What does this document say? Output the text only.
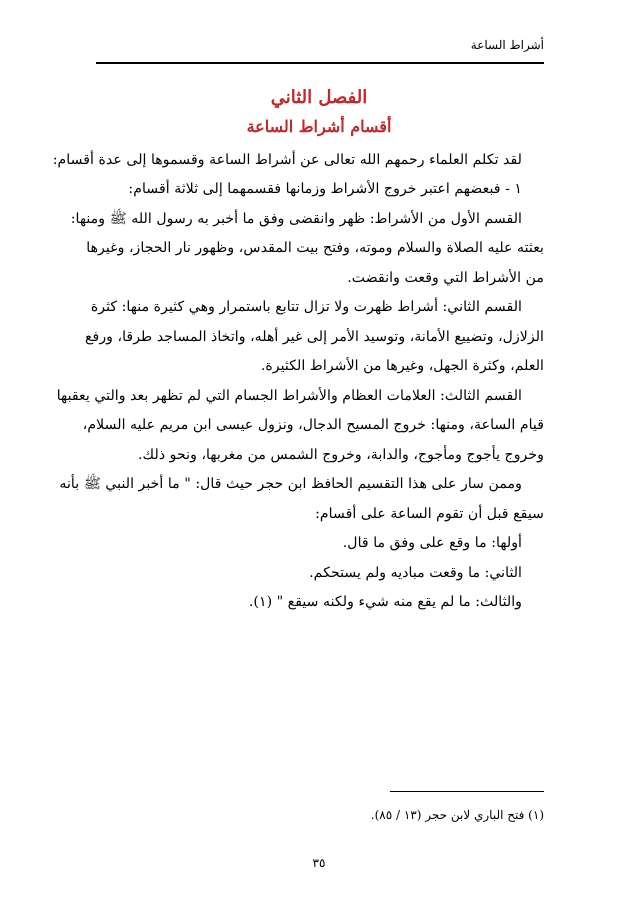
أشراط الساعة
الفصل الثاني
أقسام أشراط الساعة
لقد تكلم العلماء رحمهم الله تعالى عن أشراط الساعة وقسموها إلى عدة أقسام:
١ - فبعضهم اعتبر خروج الأشراط وزمانها فقسمهما إلى ثلاثة أقسام:
القسم الأول من الأشراط: ظهر وانقضى وفق ما أخبر به رسول الله ﷺ ومنها:
بعثته عليه الصلاة والسلام وموته، وفتح بيت المقدس، وظهور نار الحجاز، وغيرها
من الأشراط التي وقعت وانقضت.
القسم الثاني: أشراط ظهرت ولا تزال تتابع باستمرار وهي كثيرة منها: كثرة
الزلازل، وتضييع الأمانة، وتوسيد الأمر إلى غير أهله، واتخاذ المساجد طرقا، ورفع
العلم، وكثرة الجهل، وغيرها من الأشراط الكثيرة.
القسم الثالث: العلامات العظام والأشراط الجسام التي لم تظهر بعد والتي يعقبها
قيام الساعة، ومنها: خروج المسيح الدجال، ونزول عيسى ابن مريم عليه السلام،
وخروج يأجوج ومأجوج، والدابة، وخروج الشمس من مغربها، ونحو ذلك.
وممن سار على هذا التقسيم الحافظ ابن حجر حيث قال: " ما أخبر النبي ﷺ بأنه
سيقع قبل أن تقوم الساعة على أقسام:
أولها: ما وقع على وفق ما قال.
الثاني: ما وقعت مباديه ولم يستحكم.
والثالث: ما لم يقع منه شيء ولكنه سيقع " (١).
(١) فتح الباري لابن حجر (١٣ / ٨٥).
٣٥
